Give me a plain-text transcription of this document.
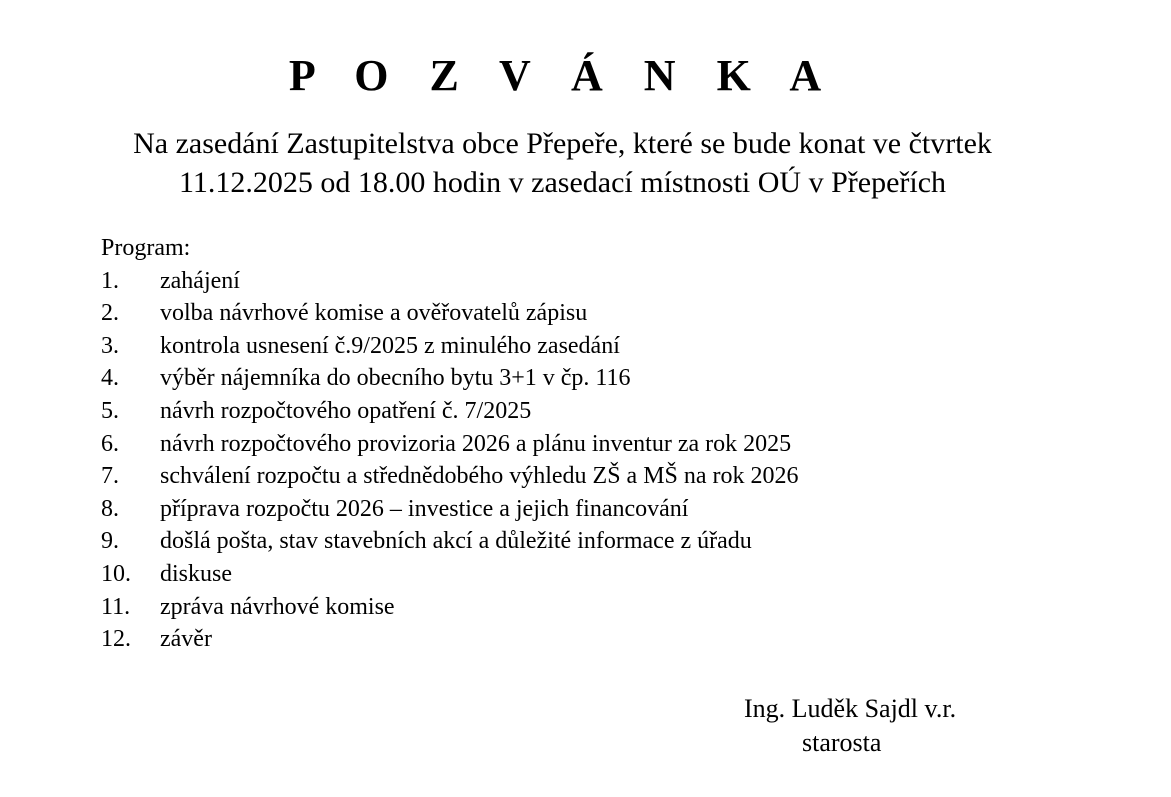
P O Z V Á N K A
Na zasedání Zastupitelstva obce Přepeře, které se bude konat ve čtvrtek
11.12.2025 od 18.00 hodin v zasedací místnosti OÚ v Přepeřích
Program:
1.	zahájení
2.	volba návrhové komise a ověřovatelů zápisu
3.	kontrola usnesení č.9/2025 z minulého zasedání
4.	výběr nájemníka do obecního bytu 3+1 v čp. 116
5.	návrh rozpočtového opatření č. 7/2025
6.	návrh rozpočtového provizoria 2026 a plánu inventur za rok 2025
7.	schválení rozpočtu a střednědobého výhledu ZŠ a MŠ na rok 2026
8.	příprava rozpočtu 2026 – investice a jejich financování
9.	došlá pošta, stav stavebních akcí a důležité informace z úřadu
10.	diskuse
11.	zpráva návrhové komise
12.	závěr
Ing. Luděk Sajdl v.r.
starosta
